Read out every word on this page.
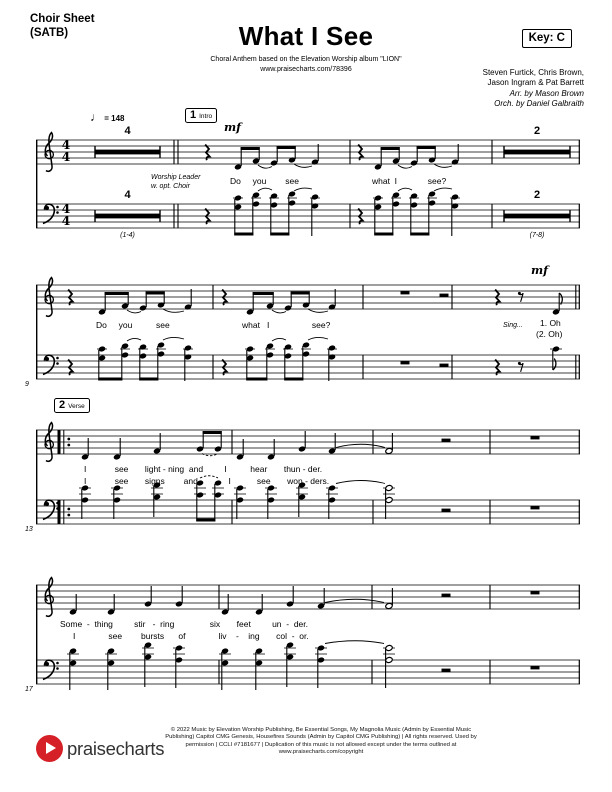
Choir Sheet
(SATB)	What I See
Choral Anthem based on the Elevation Worship album "LION"
www.praisecharts.com/78396
Key: C
Steven Furtick, Chris Brown,
Jason Ingram & Pat Barrett
Arr. by Mason Brown
Orch. by Daniel Galbraith
♩ = 148	1 Intro
mf
4
4
4
4
4
4
(1-4)
2
2
(7-8)
Worship Leader
w. opt. Choir
Do     you        see	what  I             see?
9
Do     you          see	what   I                  see?
mf
Sing... 1. Oh
(2. Oh)
2 Verse
13
I            see       light - ning  and         I          hear       thun - der.
I            see       signs        and             I           see       won - ders.
17
Some  -  thing         stir   -  ring               six       feet         un  -  der.
I              see        bursts      of              liv    -    ing       col  -  or.
praisecharts
© 2022 Music by Elevation Worship Publishing, Be Essential Songs, My Magnolia Music (Admin by Essential Music Publishing) Capitol CMG Genesis, Housefires Sounds (Admin by Capitol CMG Publishing) | All rights reserved. Used by permission | CCLI #7181677 | Duplication of this music is not allowed except under the terms outlined at www.praisecharts.com/copyright
